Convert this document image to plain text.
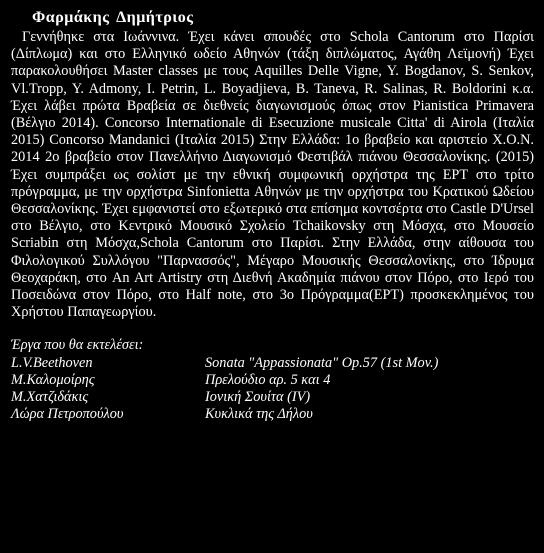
Φαρμάκης Δημήτριος

Γεννήθηκε στα Ιωάννινα. Έχει κάνει σπουδές στο Schola Cantorum στο Παρίσι (Δίπλωμα) και στο Ελληνικό ωδείο Αθηνών (τάξη διπλώματος, Αγάθη Λεϊμονή) Έχει παρακολουθήσει Master classes με τους Aquilles Delle Vigne, Y. Bogdanov, S. Senkov, Vl.Tropp, Y. Admony, I. Petrin, L. Boyadjieva, B. Taneva, R. Salinas, R. Boldorini κ.α. Έχει λάβει πρώτα Βραβεία σε διεθνείς διαγωνισμούς όπως στον Pianistica Primavera (Βέλγιο 2014). Concorso Internationale di Esecuzione musicale Citta' di Airola (Ιταλία 2015) Concorso Mandanici (Ιταλία 2015) Στην Ελλάδα: 1ο βραβείο και αριστείο Χ.Ο.Ν. 2014 2ο βραβείο στον Πανελλήνιο Διαγωνισμό Φεστιβάλ πιάνου Θεσσαλονίκης. (2015) Έχει συμπράξει ως σολίστ με την εθνική συμφωνική ορχήστρα της ΕΡΤ στο τρίτο πρόγραμμα, με την ορχήστρα Sinfonietta Αθηνών με την ορχήστρα του Κρατικού Ωδείου Θεσσαλονίκης. Έχει εμφανιστεί στο εξωτερικό στα επίσημα κοντσέρτα στο Castle D'Ursel στο Βέλγιο, στο Κεντρικό Μουσικό Σχολείο Tchaikovsky στη Μόσχα, στο Μουσείο Scriabin στη Μόσχα,Schola Cantorum στο Παρίσι. Στην Ελλάδα, στην αίθουσα του Φιλολογικού Συλλόγου "Παρνασσός", Μέγαρο Μουσικής Θεσσαλονίκης, στο Ίδρυμα Θεοχαράκη, στο An Art Artistry στη Διεθνή Ακαδημία πιάνου στον Πόρο, στο Ιερό του Ποσειδώνα στον Πόρο, στο Half note, στο 3ο Πρόγραμμα(ΕΡΤ) προσκεκλημένος του Χρήστου Παπαγεωργίου.

Έργα που θα εκτελέσει:
L.V.Beethoven	Sonata "Appassionata" Op.57 (1st Mov.)
Μ.Καλομοίρης	Πρελούδιο αρ. 5 και 4
Μ.Χατζιδάκις	Ιονική Σουίτα (IV)
Λώρα Πετροπούλου	Κυκλικά της Δήλου
